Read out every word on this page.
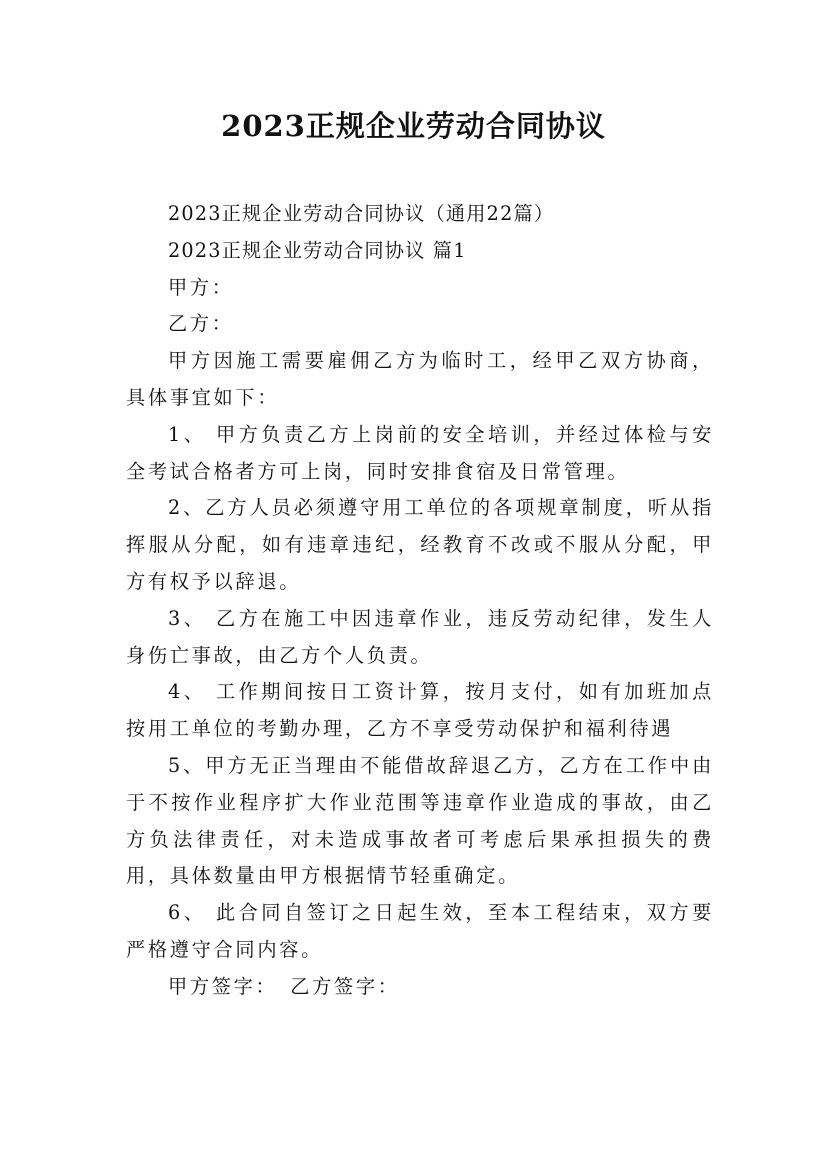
2023正规企业劳动合同协议

2023正规企业劳动合同协议（通用22篇）

2023正规企业劳动合同协议 篇1

甲方：

乙方：

甲方因施工需要雇佣乙方为临时工，经甲乙双方协商，具体事宜如下：

1、 甲方负责乙方上岗前的安全培训，并经过体检与安全考试合格者方可上岗，同时安排食宿及日常管理。

2、乙方人员必须遵守用工单位的各项规章制度，听从指挥服从分配，如有违章违纪，经教育不改或不服从分配，甲方有权予以辞退。

3、 乙方在施工中因违章作业，违反劳动纪律，发生人身伤亡事故，由乙方个人负责。

4、 工作期间按日工资计算，按月支付，如有加班加点按用工单位的考勤办理，乙方不享受劳动保护和福利待遇

5、甲方无正当理由不能借故辞退乙方，乙方在工作中由于不按作业程序扩大作业范围等违章作业造成的事故，由乙方负法律责任，对未造成事故者可考虑后果承担损失的费用，具体数量由甲方根据情节轻重确定。

6、 此合同自签订之日起生效，至本工程结束，双方要严格遵守合同内容。

甲方签字： 乙方签字：
